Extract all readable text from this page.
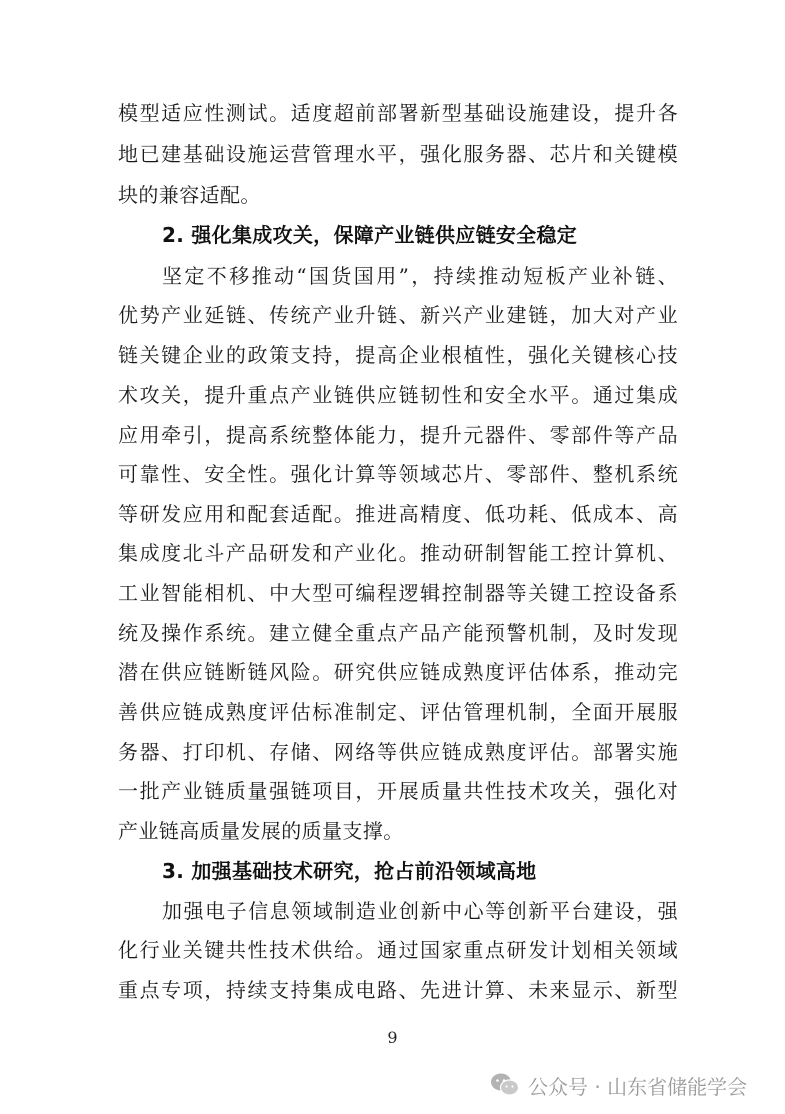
模型适应性测试。适度超前部署新型基础设施建设，提升各
地已建基础设施运营管理水平，强化服务器、芯片和关键模
块的兼容适配。
2. 强化集成攻关，保障产业链供应链安全稳定
坚定不移推动“国货国用”，持续推动短板产业补链、
优势产业延链、传统产业升链、新兴产业建链，加大对产业
链关键企业的政策支持，提高企业根植性，强化关键核心技
术攻关，提升重点产业链供应链韧性和安全水平。通过集成
应用牵引，提高系统整体能力，提升元器件、零部件等产品
可靠性、安全性。强化计算等领域芯片、零部件、整机系统
等研发应用和配套适配。推进高精度、低功耗、低成本、高
集成度北斗产品研发和产业化。推动研制智能工控计算机、
工业智能相机、中大型可编程逻辑控制器等关键工控设备系
统及操作系统。建立健全重点产品产能预警机制，及时发现
潜在供应链断链风险。研究供应链成熟度评估体系，推动完
善供应链成熟度评估标准制定、评估管理机制，全面开展服
务器、打印机、存储、网络等供应链成熟度评估。部署实施
一批产业链质量强链项目，开展质量共性技术攻关，强化对
产业链高质量发展的质量支撑。
3. 加强基础技术研究，抢占前沿领域高地
加强电子信息领域制造业创新中心等创新平台建设，强
化行业关键共性技术供给。通过国家重点研发计划相关领域
重点专项，持续支持集成电路、先进计算、未来显示、新型
9
公众号 · 山东省储能学会
